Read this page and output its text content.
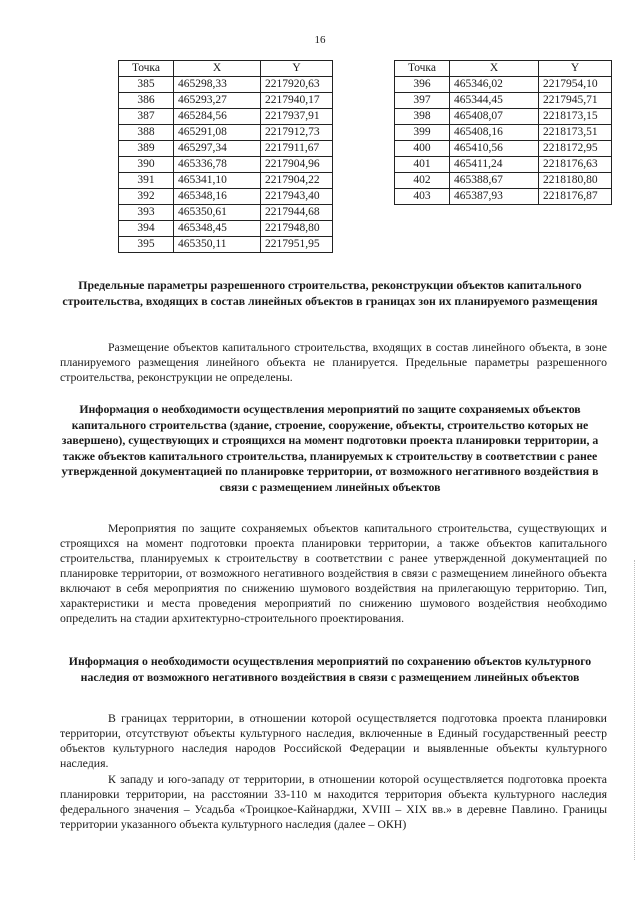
16
Точка	X	Y
385	465298,33	2217920,63
386	465293,27	2217940,17
387	465284,56	2217937,91
388	465291,08	2217912,73
389	465297,34	2217911,67
390	465336,78	2217904,96
391	465341,10	2217904,22
392	465348,16	2217943,40
393	465350,61	2217944,68
394	465348,45	2217948,80
395	465350,11	2217951,95
Точка	X	Y
396	465346,02	2217954,10
397	465344,45	2217945,71
398	465408,07	2218173,15
399	465408,16	2218173,51
400	465410,56	2218172,95
401	465411,24	2218176,63
402	465388,67	2218180,80
403	465387,93	2218176,87

Предельные параметры разрешенного строительства, реконструкции объектов капитального строительства, входящих в состав линейных объектов в границах зон их планируемого размещения

Размещение объектов капитального строительства, входящих в состав линейного объекта, в зоне планируемого размещения линейного объекта не планируется. Предельные параметры разрешенного строительства, реконструкции не определены.

Информация о необходимости осуществления мероприятий по защите сохраняемых объектов капитального строительства (здание, строение, сооружение, объекты, строительство которых не завершено), существующих и строящихся на момент подготовки проекта планировки территории, а также объектов капитального строительства, планируемых к строительству в соответствии с ранее утвержденной документацией по планировке территории, от возможного негативного воздействия в связи с размещением линейных объектов

Мероприятия по защите сохраняемых объектов капитального строительства, существующих и строящихся на момент подготовки проекта планировки территории, а также объектов капитального строительства, планируемых к строительству в соответствии с ранее утвержденной документацией по планировке территории, от возможного негативного воздействия в связи с размещением линейного объекта включают в себя мероприятия по снижению шумового воздействия на прилегающую территорию. Тип, характеристики и места проведения мероприятий по снижению шумового воздействия необходимо определить на стадии архитектурно-строительного проектирования.

Информация о необходимости осуществления мероприятий по сохранению объектов культурного наследия от возможного негативного воздействия в связи с размещением линейных объектов

В границах территории, в отношении которой осуществляется подготовка проекта планировки территории, отсутствуют объекты культурного наследия, включенные в Единый государственный реестр объектов культурного наследия народов Российской Федерации и выявленные объекты культурного наследия.

К западу и юго-западу от территории, в отношении которой осуществляется подготовка проекта планировки территории, на расстоянии 33-110 м находится территория объекта культурного наследия федерального значения – Усадьба «Троицкое-Кайнарджи, XVIII – XIX вв.» в деревне Павлино. Границы территории указанного объекта культурного наследия (далее – ОКН)
